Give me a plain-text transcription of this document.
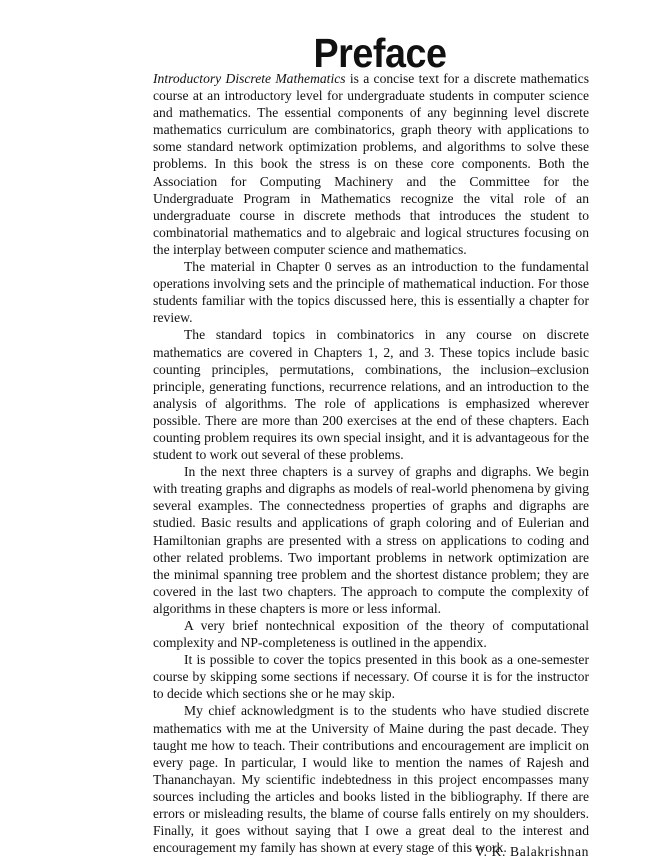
Preface

Introductory Discrete Mathematics is a concise text for a discrete mathematics course at an introductory level for undergraduate students in computer science and mathematics. The essential components of any beginning level discrete mathematics curriculum are combinatorics, graph theory with applications to some standard network optimization problems, and algorithms to solve these problems. In this book the stress is on these core components. Both the Association for Computing Machinery and the Committee for the Undergraduate Program in Mathematics recognize the vital role of an undergraduate course in discrete methods that introduces the student to combinatorial mathematics and to algebraic and logical structures focusing on the interplay between computer science and mathematics.

The material in Chapter 0 serves as an introduction to the fundamental operations involving sets and the principle of mathematical induction. For those students familiar with the topics discussed here, this is essentially a chapter for review.

The standard topics in combinatorics in any course on discrete mathematics are covered in Chapters 1, 2, and 3. These topics include basic counting principles, permutations, combinations, the inclusion–exclusion principle, generating functions, recurrence relations, and an introduction to the analysis of algorithms. The role of applications is emphasized wherever possible. There are more than 200 exercises at the end of these chapters. Each counting problem requires its own special insight, and it is advantageous for the student to work out several of these problems.

In the next three chapters is a survey of graphs and digraphs. We begin with treating graphs and digraphs as models of real-world phenomena by giving several examples. The connectedness properties of graphs and digraphs are studied. Basic results and applications of graph coloring and of Eulerian and Hamiltonian graphs are presented with a stress on applications to coding and other related problems. Two important problems in network optimization are the minimal spanning tree problem and the shortest distance problem; they are covered in the last two chapters. The approach to compute the complexity of algorithms in these chapters is more or less informal.

A very brief nontechnical exposition of the theory of computational complexity and NP-completeness is outlined in the appendix.

It is possible to cover the topics presented in this book as a one-semester course by skipping some sections if necessary. Of course it is for the instructor to decide which sections she or he may skip.

My chief acknowledgment is to the students who have studied discrete mathematics with me at the University of Maine during the past decade. They taught me how to teach. Their contributions and encouragement are implicit on every page. In particular, I would like to mention the names of Rajesh and Thananchayan. My scientific indebtedness in this project encompasses many sources including the articles and books listed in the bibliography. If there are errors or misleading results, the blame of course falls entirely on my shoulders. Finally, it goes without saying that I owe a great deal to the interest and encouragement my family has shown at every stage of this work.

V. K. Balakrishnan
